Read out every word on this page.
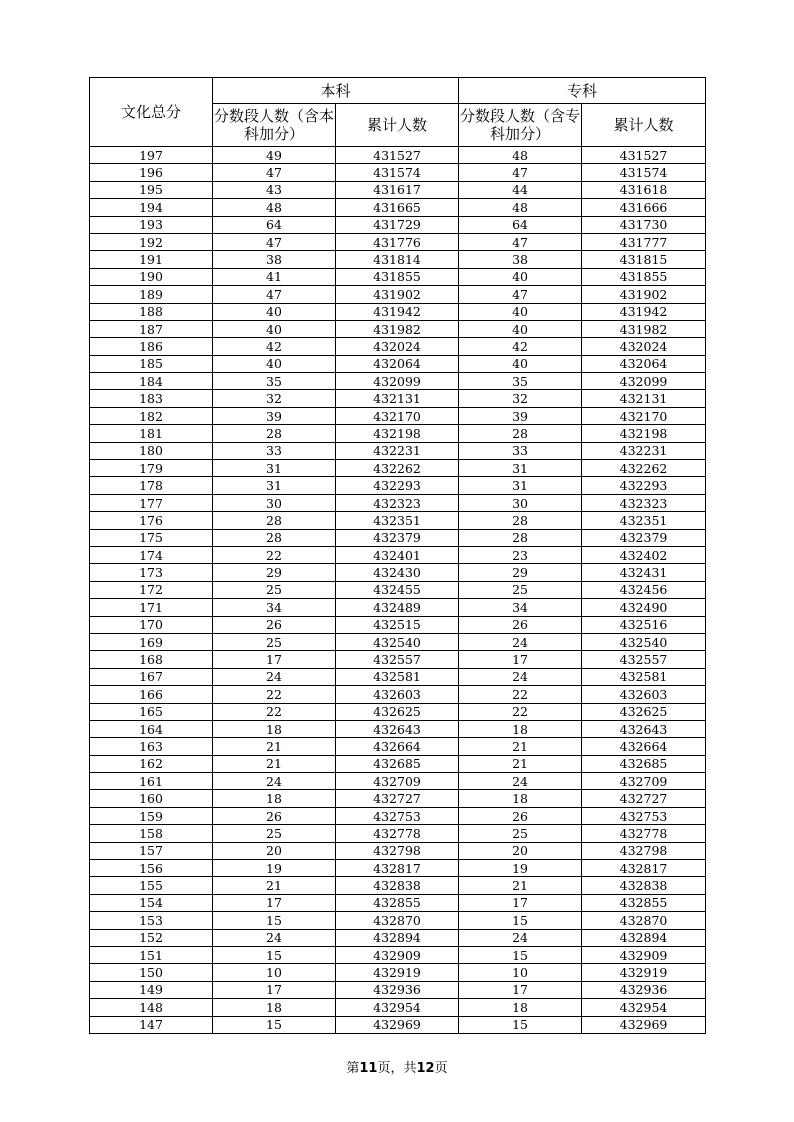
文化总分	本科		专科	
	分数段人数（含本科加分）	累计人数	分数段人数（含专科加分）	累计人数
197	49	431527	48	431527
196	47	431574	47	431574
195	43	431617	44	431618
194	48	431665	48	431666
193	64	431729	64	431730
192	47	431776	47	431777
191	38	431814	38	431815
190	41	431855	40	431855
189	47	431902	47	431902
188	40	431942	40	431942
187	40	431982	40	431982
186	42	432024	42	432024
185	40	432064	40	432064
184	35	432099	35	432099
183	32	432131	32	432131
182	39	432170	39	432170
181	28	432198	28	432198
180	33	432231	33	432231
179	31	432262	31	432262
178	31	432293	31	432293
177	30	432323	30	432323
176	28	432351	28	432351
175	28	432379	28	432379
174	22	432401	23	432402
173	29	432430	29	432431
172	25	432455	25	432456
171	34	432489	34	432490
170	26	432515	26	432516
169	25	432540	24	432540
168	17	432557	17	432557
167	24	432581	24	432581
166	22	432603	22	432603
165	22	432625	22	432625
164	18	432643	18	432643
163	21	432664	21	432664
162	21	432685	21	432685
161	24	432709	24	432709
160	18	432727	18	432727
159	26	432753	26	432753
158	25	432778	25	432778
157	20	432798	20	432798
156	19	432817	19	432817
155	21	432838	21	432838
154	17	432855	17	432855
153	15	432870	15	432870
152	24	432894	24	432894
151	15	432909	15	432909
150	10	432919	10	432919
149	17	432936	17	432936
148	18	432954	18	432954
147	15	432969	15	432969
第11页，共12页
